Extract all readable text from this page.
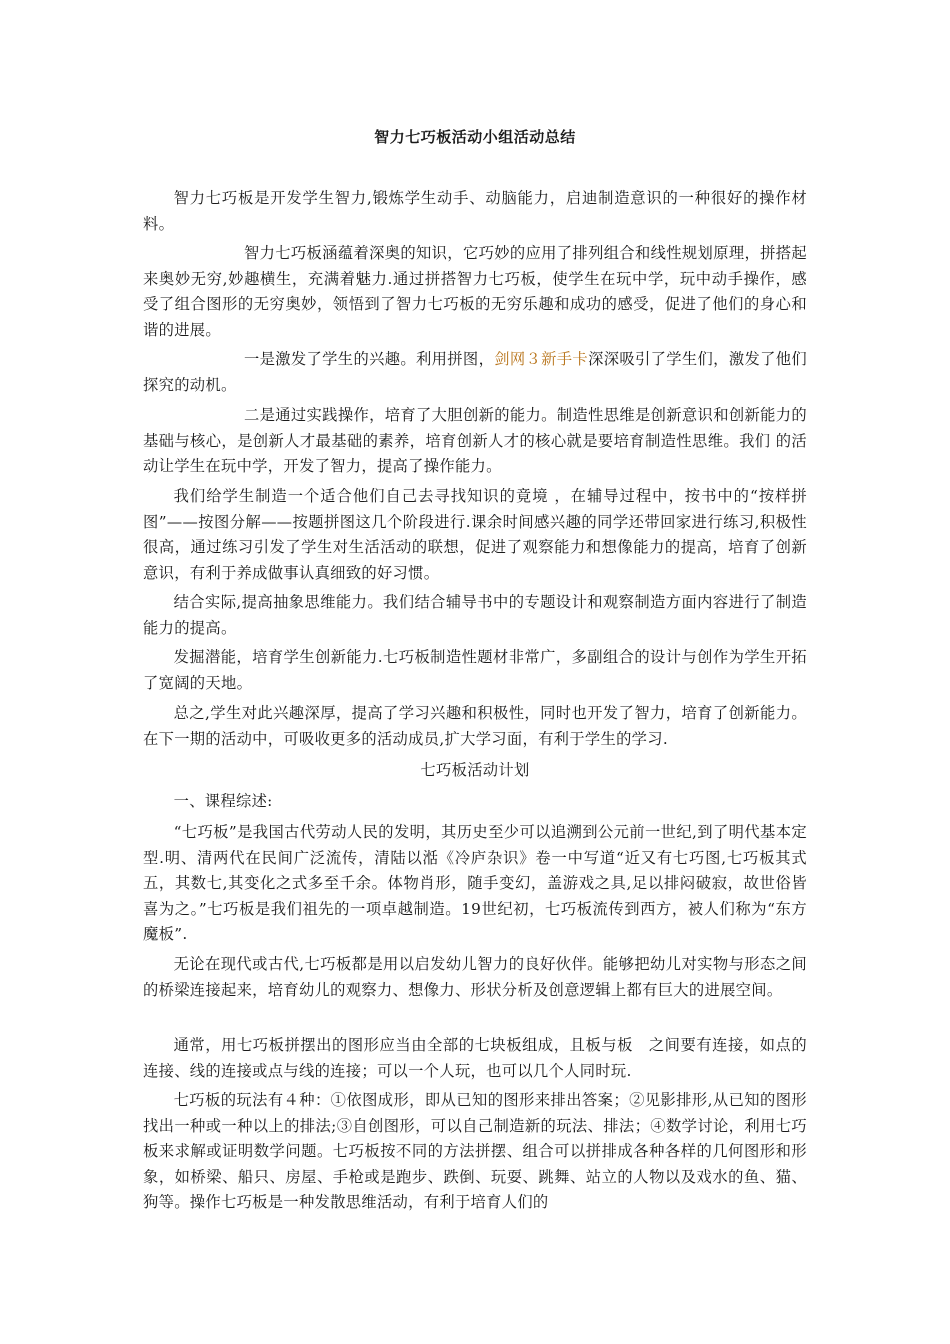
智力七巧板活动小组活动总结

智力七巧板是开发学生智力,锻炼学生动手、动脑能力，启迪制造意识的一种很好的操作材料。

智力七巧板涵蕴着深奥的知识，它巧妙的应用了排列组合和线性规划原理，拼搭起来奥妙无穷,妙趣横生，充满着魅力.通过拼搭智力七巧板，使学生在玩中学，玩中动手操作，感受了组合图形的无穷奥妙，领悟到了智力七巧板的无穷乐趣和成功的感受，促进了他们的身心和谐的进展。

一是激发了学生的兴趣。利用拼图，剑网３新手卡深深吸引了学生们，激发了他们探究的动机。

二是通过实践操作，培育了大胆创新的能力。制造性思维是创新意识和创新能力的基础与核心，是创新人才最基础的素养，培育创新人才的核心就是要培育制造性思维。我们 的活动让学生在玩中学，开发了智力，提高了操作能力。

我们给学生制造一个适合他们自己去寻找知识的竟境 ，在辅导过程中，按书中的“按样拼图”——按图分解——按题拼图这几个阶段进行.课余时间感兴趣的同学还带回家进行练习,积极性很高，通过练习引发了学生对生活活动的联想，促进了观察能力和想像能力的提高，培育了创新意识，有利于养成做事认真细致的好习惯。

结合实际,提高抽象思维能力。我们结合辅导书中的专题设计和观察制造方面内容进行了制造能力的提高。

发掘潜能，培育学生创新能力.七巧板制造性题材非常广，多副组合的设计与创作为学生开拓了宽阔的天地。

总之,学生对此兴趣深厚，提高了学习兴趣和积极性，同时也开发了智力，培育了创新能力。在下一期的活动中，可吸收更多的活动成员,扩大学习面，有利于学生的学习.

七巧板活动计划

一、课程综述:

“七巧板”是我国古代劳动人民的发明，其历史至少可以追溯到公元前一世纪,到了明代基本定型.明、清两代在民间广泛流传，清陆以湉《冷庐杂识》卷一中写道“近又有七巧图,七巧板其式五，其数七,其变化之式多至千余。体物肖形，随手变幻，盖游戏之具,足以排闷破寂，故世俗皆喜为之。”七巧板是我们祖先的一项卓越制造。19世纪初，七巧板流传到西方，被人们称为“东方魔板”.

无论在现代或古代,七巧板都是用以启发幼儿智力的良好伙伴。能够把幼儿对实物与形态之间的桥梁连接起来，培育幼儿的观察力、想像力、形状分析及创意逻辑上都有巨大的进展空间。

通常，用七巧板拼摆出的图形应当由全部的七块板组成，且板与板　之间要有连接，如点的连接、线的连接或点与线的连接；可以一个人玩，也可以几个人同时玩.

七巧板的玩法有４种：①依图成形，即从已知的图形来排出答案；②见影排形,从已知的图形找出一种或一种以上的排法;③自创图形，可以自己制造新的玩法、排法；④数学讨论，利用七巧板来求解或证明数学问题。七巧板按不同的方法拼摆、组合可以拼排成各种各样的几何图形和形象，如桥梁、船只、房屋、手枪或是跑步、跌倒、玩耍、跳舞、站立的人物以及戏水的鱼、猫、狗等。操作七巧板是一种发散思维活动，有利于培育人们的
